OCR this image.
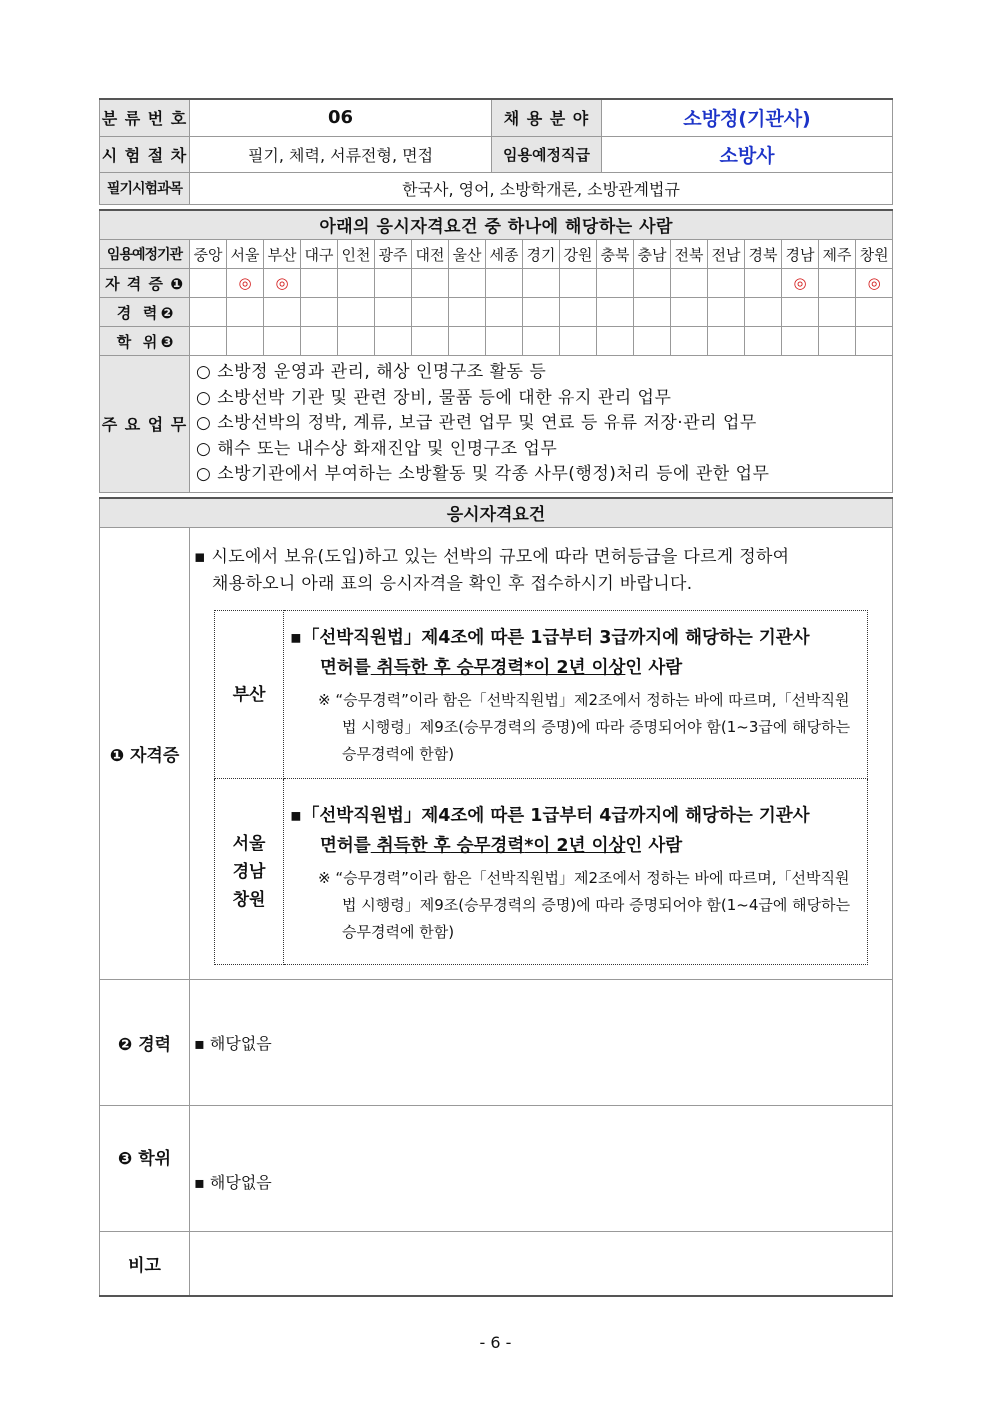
분 류 번 호	06	채 용 분 야	소방정(기관사)
시 험 절 차	필기, 체력, 서류전형, 면접	임용예정직급	소방사
필기시험과목	한국사, 영어, 소방학개론, 소방관계법규		
아래의 응시자격요건 중 하나에 해당하는 사람																			
임용예정기관	중앙	서울	부산	대구	인천	광주	대전	울산	세종	경기	강원	충북	충남	전북	전남	경북	경남	제주	창원
자 격 증 ❶		◎	◎														◎		◎
경   력 ❷																			
학   위 ❸																			
주 요 업 무	○ 소방정 운영과 관리, 해상 인명구조 활동 등
○ 소방선박 기관 및 관련 장비, 물품 등에 대한 유지 관리 업무
○ 소방선박의 정박, 계류, 보급 관련 업무 및 연료 등 유류 저장·관리 업무
○ 해수 또는 내수상 화재진압 및 인명구조 업무
○ 소방기관에서 부여하는 소방활동 및 각종 사무(행정)처리 등에 관한 업무																		
응시자격요건
❶ 자격증	
▪ 시도에서 보유(도입)하고 있는 선박의 규모에 따라 면허등급을 다르게 정하여
채용하오니 아래 표의 응시자격을 확인 후 접수하시기 바랍니다.
부산	
▪「선박직원법」제4조에 따른 1급부터 3급까지에 해당하는 기관사
면허를 취득한 후 승무경력*이 2년 이상인 사람
※ “승무경력”이라 함은「선박직원법」제2조에서 정하는 바에 따르며,「선박직원법 시행령」제9조(승무경력의 증명)에 따라 증명되어야 함(1~3급에 해당하는 승무경력에 한함)

서울
경남
창원

▪「선박직원법」제4조에 따른 1급부터 4급까지에 해당하는 기관사
면허를 취득한 후 승무경력*이 2년 이상인 사람
※ “승무경력”이라 함은「선박직원법」제2조에서 정하는 바에 따르며,「선박직원법 시행령」제9조(승무경력의 증명)에 따라 증명되어야 함(1~4급에 해당하는 승무경력에 한함)

❷ 경력	▪ 해당없음
❸ 학위	▪ 해당없음
비고	
- 6 -
